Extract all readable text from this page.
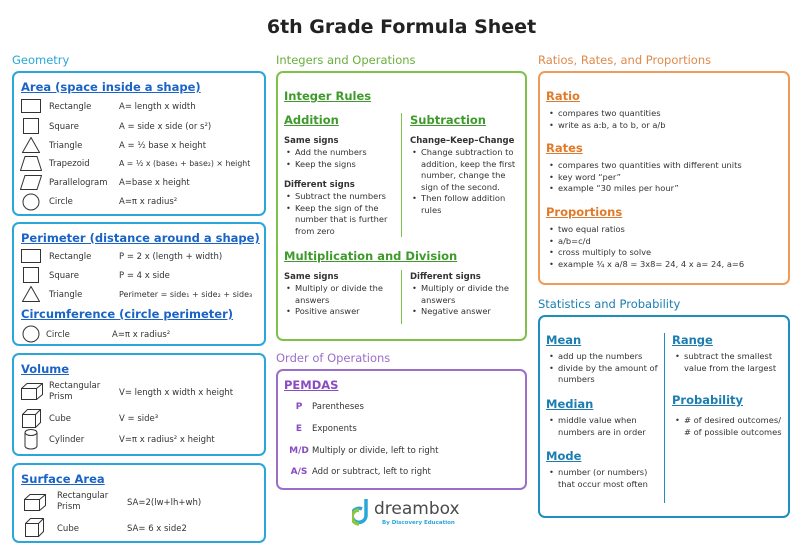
6th Grade Formula Sheet
Geometry
Area (space inside a shape)
Rectangle	A= length x width
Square	A = side x side (or s²)
Triangle	A = ½ base x height
Trapezoid	A = ½ x (base₁ + base₂) × height
Parallelogram A=base x height
Circle	A=π x radius²
Perimeter (distance around a shape)
Rectangle	P = 2 x (length + width)
Square	P = 4 x side
Triangle	Perimeter = side₁ + side₂ + side₃
Circumference (circle perimeter)
Circle	A=π x radius²
Volume
Rectangular Prism	V= length x width x height
Cube	V = side³
Cylinder	V=π x radius² x height
Surface Area
Rectangular Prism	SA=2(lw+lh+wh)
Cube	SA= 6 x side2
Integers and Operations
Integer Rules
Addition
Same signs
• Add the numbers
• Keep the signs
Different signs
• Subtract the numbers
• Keep the sign of the number that is further from zero
Subtraction
Change–Keep–Change
• Change subtraction to addition, keep the first number, change the sign of the second.
• Then follow addition rules
Multiplication and Division
Same signs
• Multiply or divide the answers
• Positive answer
Different signs
• Multiply or divide the answers
• Negative answer
Order of Operations
PEMDAS
P	Parentheses
E	Exponents
M/D Multiply or divide, left to right
A/S Add or subtract, left to right
dreambox
By Discovery Education
Ratios, Rates, and Proportions
Ratio
• compares two quantities
• write as a:b, a to b, or a/b
Rates
• compares two quantities with different units
• key word “per”
• example “30 miles per hour”
Proportions
• two equal ratios
• a/b=c/d
• cross multiply to solve
• example ¾ x a/8 = 3x8= 24, 4 x a= 24, a=6
Statistics and Probability
Mean
• add up the numbers
• divide by the amount of numbers
Median
• middle value when numbers are in order
Mode
• number (or numbers) that occur most often
Range
• subtract the smallest value from the largest
Probability
• # of desired outcomes/ # of possible outcomes
